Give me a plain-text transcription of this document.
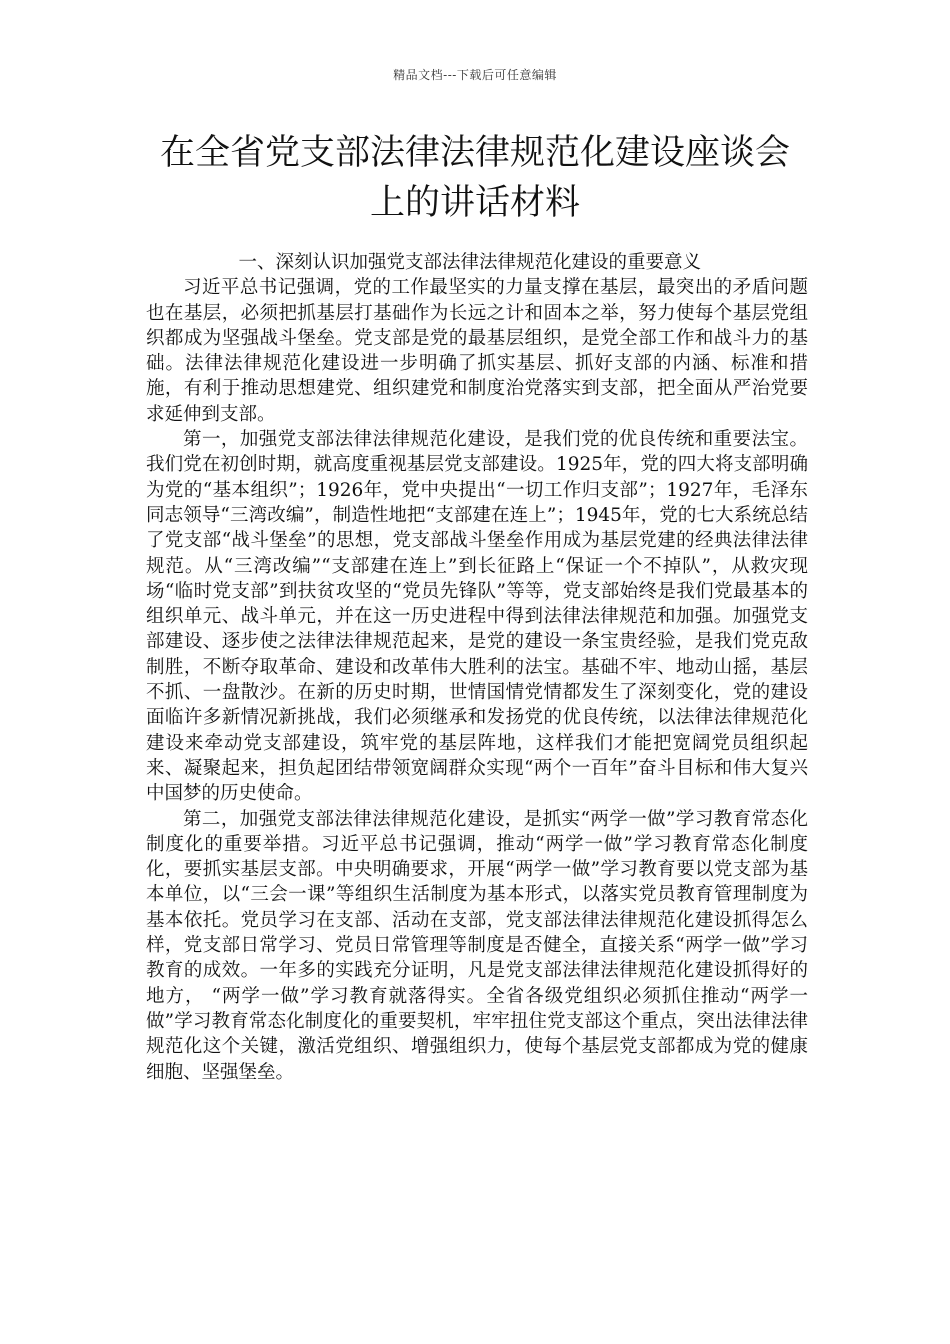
精品文档---下载后可任意编辑
在全省党支部法律法律规范化建设座谈会
上的讲话材料

一、深刻认识加强党支部法律法律规范化建设的重要意义

习近平总书记强调，党的工作最坚实的力量支撑在基层，最突出的矛盾问题也在基层，必须把抓基层打基础作为长远之计和固本之举，努力使每个基层党组织都成为坚强战斗堡垒。党支部是党的最基层组织，是党全部工作和战斗力的基础。法律法律规范化建设进一步明确了抓实基层、抓好支部的内涵、标准和措施，有利于推动思想建党、组织建党和制度治党落实到支部，把全面从严治党要求延伸到支部。

第一，加强党支部法律法律规范化建设，是我们党的优良传统和重要法宝。我们党在初创时期，就高度重视基层党支部建设。1925年，党的四大将支部明确为党的“基本组织”；1926年，党中央提出“一切工作归支部”；1927年，毛泽东同志领导“三湾改编”，制造性地把“支部建在连上”；1945年，党的七大系统总结了党支部“战斗堡垒”的思想，党支部战斗堡垒作用成为基层党建的经典法律法律规范。从“三湾改编”“支部建在连上”到长征路上“保证一个不掉队”，从救灾现场“临时党支部”到扶贫攻坚的“党员先锋队”等等，党支部始终是我们党最基本的组织单元、战斗单元，并在这一历史进程中得到法律法律规范和加强。加强党支部建设、逐步使之法律法律规范起来，是党的建设一条宝贵经验，是我们党克敌制胜，不断夺取革命、建设和改革伟大胜利的法宝。基础不牢、地动山摇，基层不抓、一盘散沙。在新的历史时期，世情国情党情都发生了深刻变化，党的建设面临许多新情况新挑战，我们必须继承和发扬党的优良传统，以法律法律规范化建设来牵动党支部建设，筑牢党的基层阵地，这样我们才能把宽阔党员组织起来、凝聚起来，担负起团结带领宽阔群众实现“两个一百年”奋斗目标和伟大复兴中国梦的历史使命。

第二，加强党支部法律法律规范化建设，是抓实“两学一做”学习教育常态化制度化的重要举措。习近平总书记强调，推动“两学一做”学习教育常态化制度化，要抓实基层支部。中央明确要求，开展“两学一做”学习教育要以党支部为基本单位，以“三会一课”等组织生活制度为基本形式，以落实党员教育管理制度为基本依托。党员学习在支部、活动在支部，党支部法律法律规范化建设抓得怎么样，党支部日常学习、党员日常管理等制度是否健全，直接关系“两学一做”学习教育的成效。一年多的实践充分证明，凡是党支部法律法律规范化建设抓得好的地方， “两学一做”学习教育就落得实。全省各级党组织必须抓住推动“两学一做”学习教育常态化制度化的重要契机，牢牢扭住党支部这个重点，突出法律法律规范化这个关键，激活党组织、增强组织力，使每个基层党支部都成为党的健康细胞、坚强堡垒。
